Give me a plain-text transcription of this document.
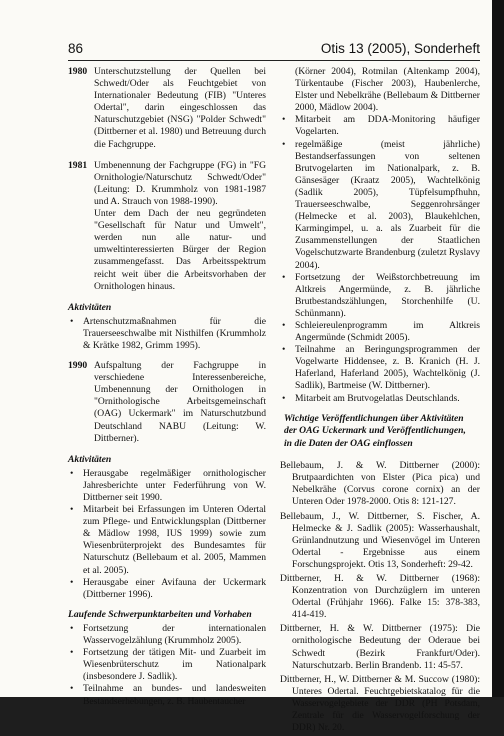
86	Otis 13 (2005), Sonderheft
1980 Unterschutzstellung der Quellen bei Schwedt/Oder als Feuchtgebiet von Internationaler Bedeutung (FIB) "Unteres Odertal", darin eingeschlossen das Naturschutzgebiet (NSG) "Polder Schwedt" (Dittberner et al. 1980) und Betreuung durch die Fachgruppe.
1981 Umbenennung der Fachgruppe (FG) in "FG Ornithologie/Naturschutz Schwedt/Oder" (Leitung: D. Krummholz von 1981-1987 und A. Strauch von 1988-1990).

Unter dem Dach der neu gegründeten "Gesellschaft für Natur und Umwelt", werden nun alle natur- und umweltinteressierten Bürger der Region zusammengefasst. Das Arbeitsspektrum reicht weit über die Arbeitsvorhaben der Ornithologen hinaus.

Aktivitäten
• Artenschutzmaßnahmen für die Trauerseeschwalbe mit Nisthilfen (Krummholz & Krätke 1982, Grimm 1995).
1990 Aufspaltung der Fachgruppe in verschiedene Interessenbereiche, Umbenennung der Ornithologen in "Ornithologische Arbeitsgemeinschaft (OAG) Uckermark" im Naturschutzbund Deutschland NABU (Leitung: W. Dittberner).
Aktivitäten
• Herausgabe regelmäßiger ornithologischer Jahresberichte unter Federführung von W. Dittberner seit 1990.
• Mitarbeit bei Erfassungen im Unteren Odertal zum Pflege- und Entwicklungsplan (Dittberner & Mädlow 1998, IUS 1999) sowie zum Wiesenbrüterprojekt des Bundesamtes für Naturschutz (Bellebaum et al. 2005, Mammen et al. 2005).
• Herausgabe einer Avifauna der Uckermark (Dittberner 1996).
Laufende Schwerpunktarbeiten und Vorhaben
• Fortsetzung der internationalen Wasservogelzählung (Krummholz 2005).
• Fortsetzung der tätigen Mit- und Zuarbeit im Wiesenbrüterschutz im Nationalpark (insbesondere J. Sadlik).
• Teilnahme an bundes- und landesweiten Bestandserhebungen, z. B. Haubentaucher
(Körner 2004), Rotmilan (Altenkamp 2004), Türkentaube (Fischer 2003), Haubenlerche, Elster und Nebelkrähe (Bellebaum & Dittberner 2000, Mädlow 2004).
• Mitarbeit am DDA-Monitoring häufiger Vogelarten.
• regelmäßige (meist jährliche) Bestandserfassungen von seltenen Brutvogelarten im Nationalpark, z. B. Gänsesäger (Kraatz 2005), Wachtelkönig (Sadlik 2005), Tüpfelsumpfhuhn, Trauerseeschwalbe, Seggenrohrsänger (Helmecke et al. 2003), Blaukehlchen, Karmingimpel, u. a. als Zuarbeit für die Zusammenstellungen der Staatlichen Vogelschutzwarte Brandenburg (zuletzt Ryslavy 2004).
• Fortsetzung der Weißstorchbetreuung im Altkreis Angermünde, z. B. jährliche Brutbestandszählungen, Storchenhilfe (U. Schünmann).
• Schleiereulenprogramm im Altkreis Angermünde (Schmidt 2005).
• Teilnahme an Beringungsprogrammen der Vogelwarte Hiddensee, z. B. Kranich (H. J. Haferland, Haferland 2005), Wachtelkönig (J. Sadlik), Bartmeise (W. Dittberner).
• Mitarbeit am Brutvogelatlas Deutschlands.
Wichtige Veröffentlichungen über Aktivitäten der OAG Uckermark und Veröffentlichungen, in die Daten der OAG einflossen
Bellebaum, J. & W. Dittberner (2000): Brutpaardichten von Elster (Pica pica) und Nebelkrähe (Corvus corone cornix) an der Unteren Oder 1978-2000. Otis 8: 121-127.
Bellebaum, J., W. Dittberner, S. Fischer, A. Helmecke & J. Sadlik (2005): Wasserhaushalt, Grünlandnutzung und Wiesenvögel im Unteren Odertal - Ergebnisse aus einem Forschungsprojekt. Otis 13, Sonderheft: 29-42.
Dittberner, H. & W. Dittberner (1968): Konzentration von Durchzüglern im unteren Odertal (Frühjahr 1966). Falke 15: 378-383, 414-419.
Dittberner, H. & W. Dittberner (1975): Die ornithologische Bedeutung der Oderaue bei Schwedt (Bezirk Frankfurt/Oder). Naturschutzarb. Berlin Brandenb. 11: 45-57.
Dittberner, H., W. Dittberner & M. Succow (1980): Unteres Odertal. Feuchtgebietskatalog für die Wasservogelgebiete der DDR (PH Potsdam, Zentrale für die Wasservogelforschung der DDR) Nr. 20.
